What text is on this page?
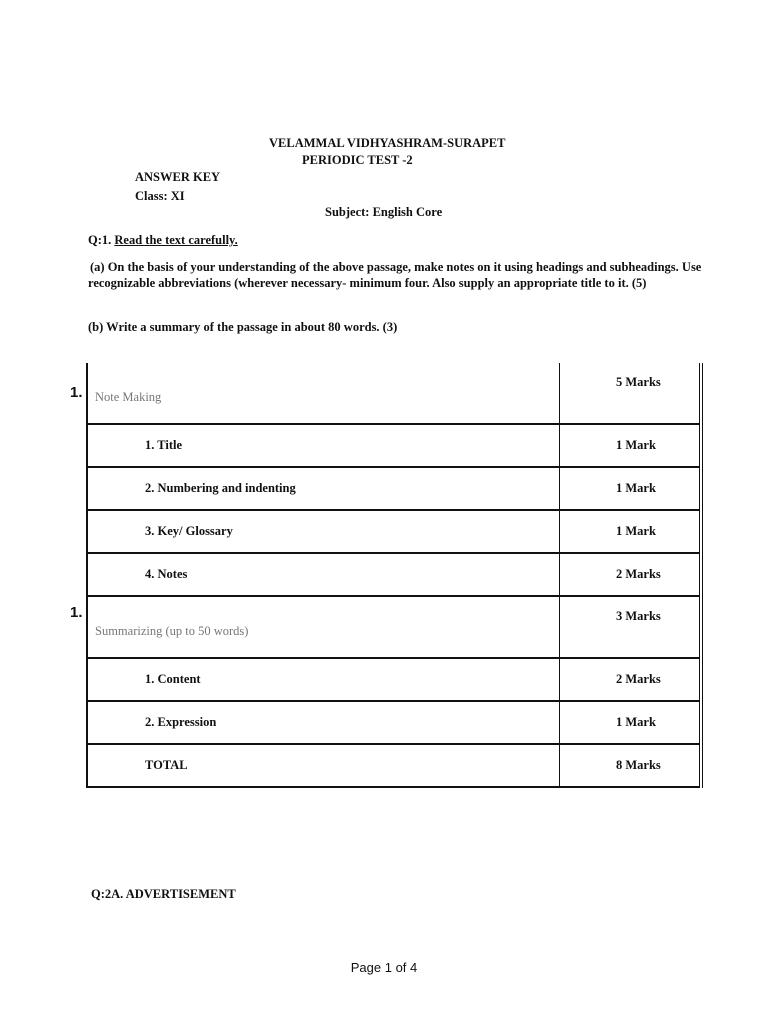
VELAMMAL VIDHYASHRAM-SURAPET
PERIODIC TEST -2
ANSWER KEY
Class: XI
Subject: English Core
Q:1. Read the text carefully.
(a) On the basis of your understanding of the above passage, make notes on it using headings and subheadings. Use recognizable abbreviations (wherever necessary- minimum four. Also supply an appropriate title to it. (5)
(b) Write a summary of the passage in about 80 words. (3)
1.
1.
Note Making	5 Marks
1. Title	1 Mark
2. Numbering and indenting	1 Mark
3. Key/ Glossary	1 Mark
4. Notes	2 Marks
Summarizing (up to 50 words)	3 Marks
1. Content	2 Marks
2. Expression	1 Mark
TOTAL	8 Marks
Q:2A. ADVERTISEMENT
Page 1 of 4
